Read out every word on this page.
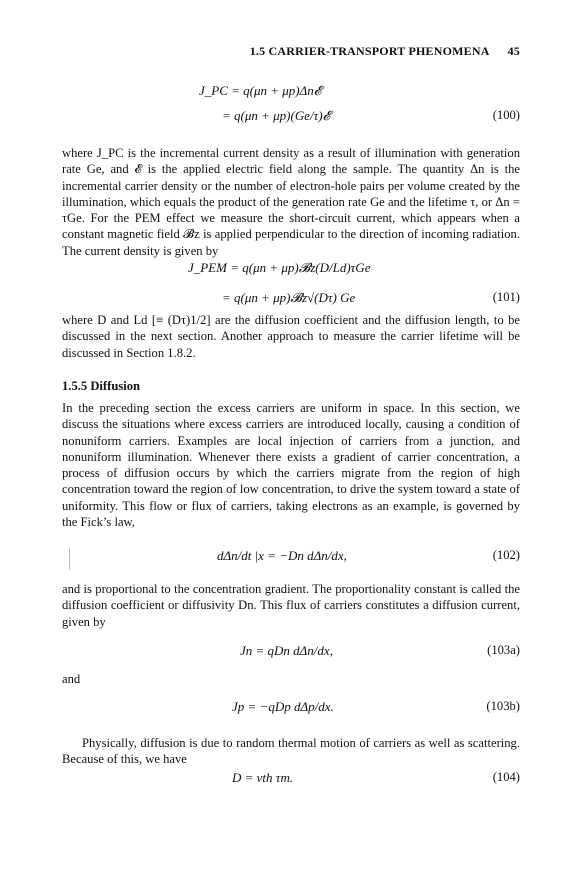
1.5 CARRIER-TRANSPORT PHENOMENA 45
J_PC = q(μn + μp)Δn𝓔
= q(μn + μp)(Ge/τ)𝓔	(100)

where J_PC is the incremental current density as a result of illumination with generation rate Ge, and 𝓔 is the applied electric field along the sample. The quantity Δn is the incremental carrier density or the number of electron-hole pairs per volume created by the illumination, which equals the product of the generation rate Ge and the lifetime τ, or Δn = τGe. For the PEM effect we measure the short-circuit current, which appears when a constant magnetic field 𝓑z is applied perpendicular to the direction of incoming radiation. The current density is given by

J_PEM = q(μn + μp)𝓑z(D/Ld)τGe
= q(μn + μp)𝓑z√(Dτ) Ge	(101)

where D and Ld [≡ (Dτ)1/2] are the diffusion coefficient and the diffusion length, to be discussed in the next section. Another approach to measure the carrier lifetime will be discussed in Section 1.8.2.

1.5.5 Diffusion

In the preceding section the excess carriers are uniform in space. In this section, we discuss the situations where excess carriers are introduced locally, causing a condition of nonuniform carriers. Examples are local injection of carriers from a junction, and nonuniform illumination. Whenever there exists a gradient of carrier concentration, a process of diffusion occurs by which the carriers migrate from the region of high concentration toward the region of low concentration, to drive the system toward a state of uniformity. This flow or flux of carriers, taking electrons as an example, is governed by the Fick’s law,

dΔn/dt |x = −Dn dΔn/dx,	(102)

and is proportional to the concentration gradient. The proportionality constant is called the diffusion coefficient or diffusivity Dn. This flux of carriers constitutes a diffusion current, given by

Jn = qDn dΔn/dx,	(103a)
and
Jp = −qDp dΔp/dx.	(103b)

Physically, diffusion is due to random thermal motion of carriers as well as scattering. Because of this, we have

D = vth τm.	(104)
